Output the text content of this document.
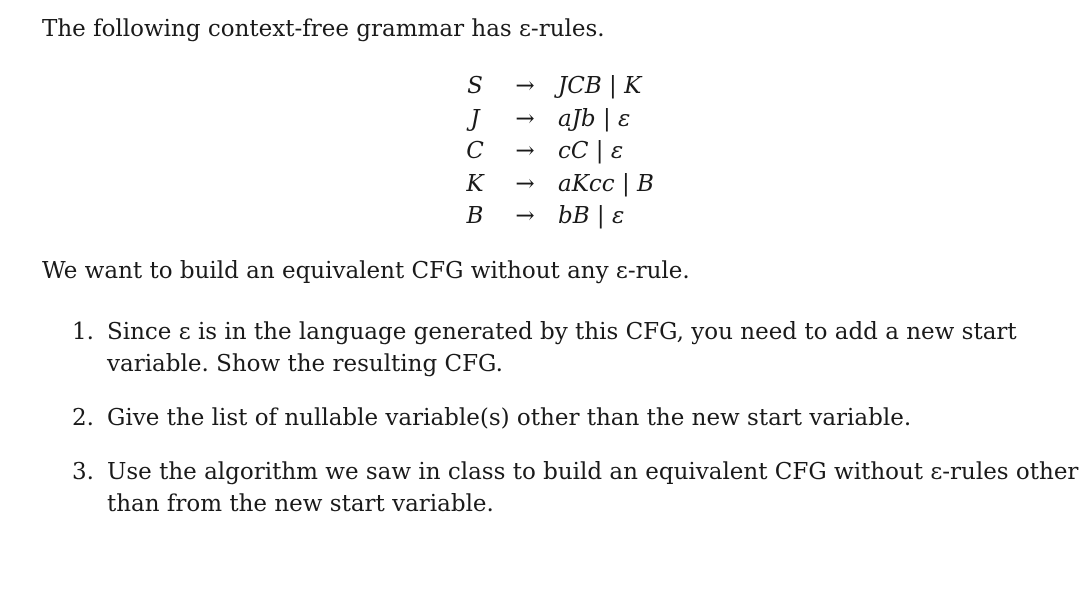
The following context-free grammar has ε-rules.
S	→	JCB | K
J	→	aJb | ε
C	→	cC | ε
K	→	aKcc | B
B	→	bB | ε
We want to build an equivalent CFG without any ε-rule.
1. Since ε is in the language generated by this CFG, you need to add a new start variable. Show the resulting CFG.
2. Give the list of nullable variable(s) other than the new start variable.
3. Use the algorithm we saw in class to build an equivalent CFG without ε-rules other than from the new start variable.
